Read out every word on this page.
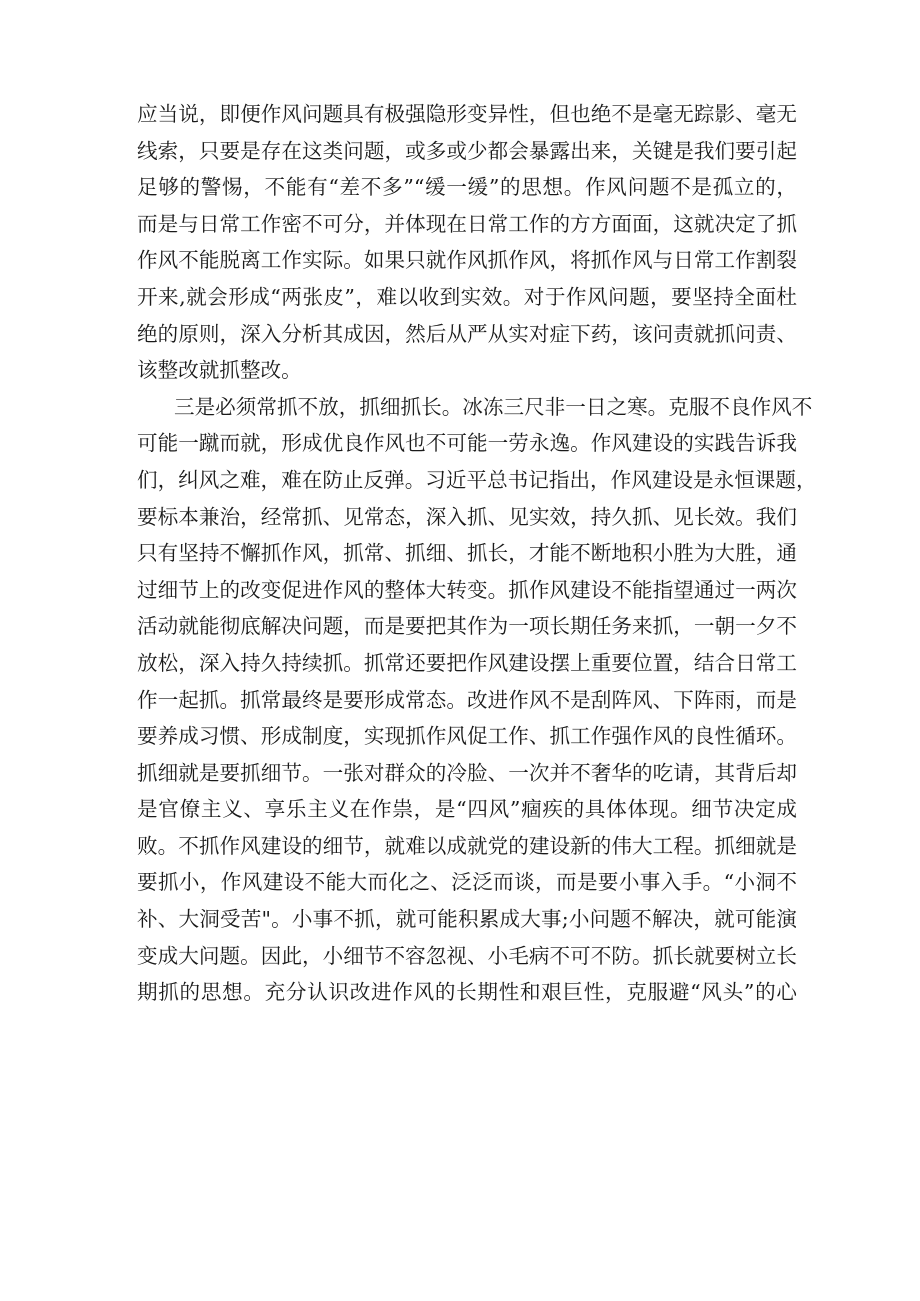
应当说，即便作风问题具有极强隐形变异性，但也绝不是毫无踪影、毫无
线索，只要是存在这类问题，或多或少都会暴露出来，关键是我们要引起
足够的警惕，不能有“差不多”“缓一缓”的思想。作风问题不是孤立的，
而是与日常工作密不可分，并体现在日常工作的方方面面，这就决定了抓
作风不能脱离工作实际。如果只就作风抓作风，将抓作风与日常工作割裂
开来,就会形成“两张皮”，难以收到实效。对于作风问题，要坚持全面杜
绝的原则，深入分析其成因，然后从严从实对症下药，该问责就抓问责、
该整改就抓整改。
三是必须常抓不放，抓细抓长。冰冻三尺非一日之寒。克服不良作风不
可能一蹴而就，形成优良作风也不可能一劳永逸。作风建设的实践告诉我
们，纠风之难，难在防止反弹。习近平总书记指出，作风建设是永恒课题，
要标本兼治，经常抓、见常态，深入抓、见实效，持久抓、见长效。我们
只有坚持不懈抓作风，抓常、抓细、抓长，才能不断地积小胜为大胜，通
过细节上的改变促进作风的整体大转变。抓作风建设不能指望通过一两次
活动就能彻底解决问题，而是要把其作为一项长期任务来抓，一朝一夕不
放松，深入持久持续抓。抓常还要把作风建设摆上重要位置，结合日常工
作一起抓。抓常最终是要形成常态。改进作风不是刮阵风、下阵雨，而是
要养成习惯、形成制度，实现抓作风促工作、抓工作强作风的良性循环。
抓细就是要抓细节。一张对群众的冷脸、一次并不奢华的吃请，其背后却
是官僚主义、享乐主义在作祟，是“四风”痼疾的具体体现。细节决定成
败。不抓作风建设的细节，就难以成就党的建设新的伟大工程。抓细就是
要抓小，作风建设不能大而化之、泛泛而谈，而是要小事入手。“小洞不
补、大洞受苦"。小事不抓，就可能积累成大事;小问题不解决，就可能演
变成大问题。因此，小细节不容忽视、小毛病不可不防。抓长就要树立长
期抓的思想。充分认识改进作风的长期性和艰巨性，克服避“风头”的心
